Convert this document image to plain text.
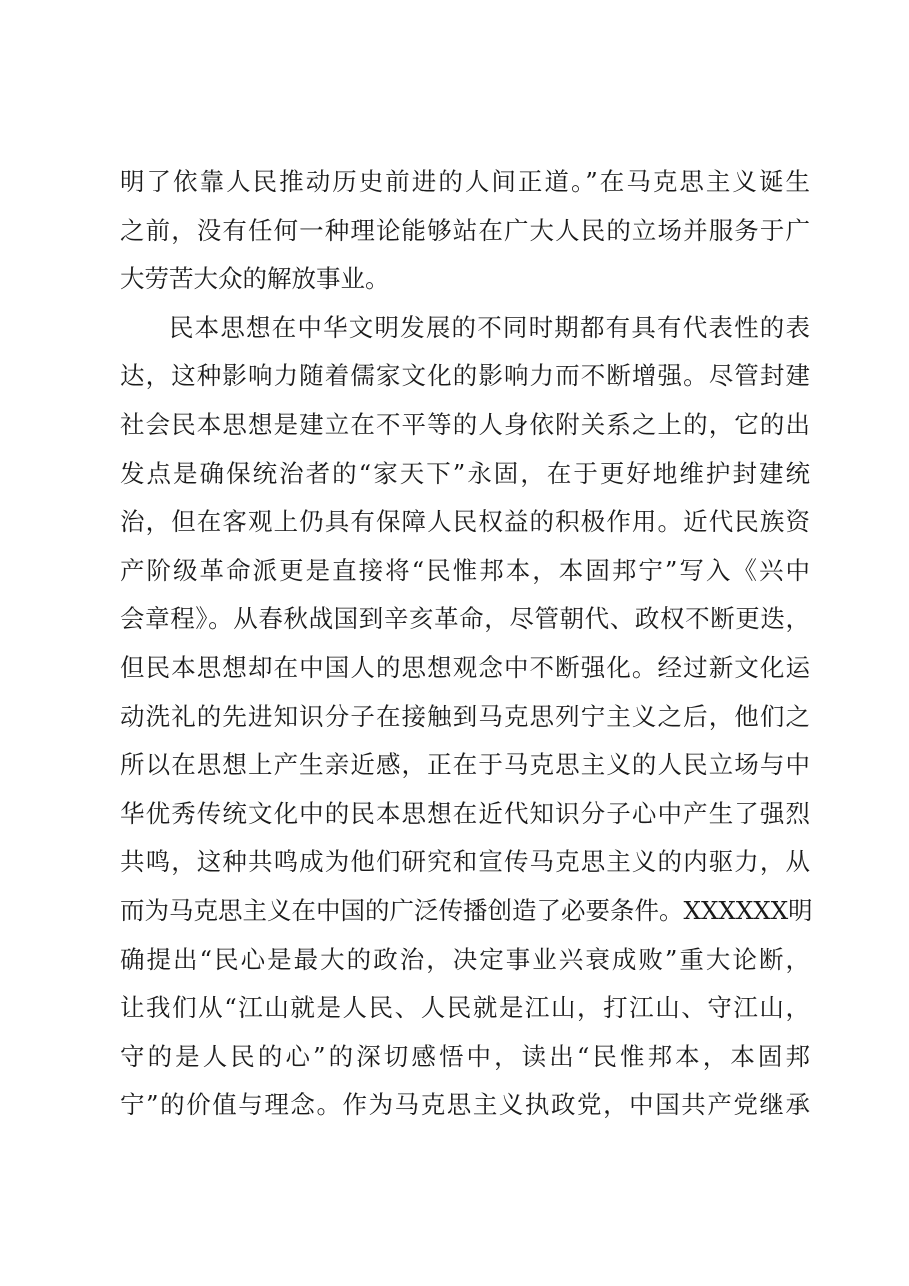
明了依靠人民推动历史前进的人间正道。”在马克思主义诞生
之前，没有任何一种理论能够站在广大人民的立场并服务于广
大劳苦大众的解放事业。
民本思想在中华文明发展的不同时期都有具有代表性的表
达，这种影响力随着儒家文化的影响力而不断增强。尽管封建
社会民本思想是建立在不平等的人身依附关系之上的，它的出
发点是确保统治者的“家天下”永固，在于更好地维护封建统
治，但在客观上仍具有保障人民权益的积极作用。近代民族资
产阶级革命派更是直接将“民惟邦本，本固邦宁”写入《兴中
会章程》。从春秋战国到辛亥革命，尽管朝代、政权不断更迭，
但民本思想却在中国人的思想观念中不断强化。经过新文化运
动洗礼的先进知识分子在接触到马克思列宁主义之后，他们之
所以在思想上产生亲近感，正在于马克思主义的人民立场与中
华优秀传统文化中的民本思想在近代知识分子心中产生了强烈
共鸣，这种共鸣成为他们研究和宣传马克思主义的内驱力，从
而为马克思主义在中国的广泛传播创造了必要条件。XXXXXX明
确提出“民心是最大的政治，决定事业兴衰成败”重大论断，
让我们从“江山就是人民、人民就是江山，打江山、守江山，
守的是人民的心”的深切感悟中，读出“民惟邦本，本固邦
宁”的价值与理念。作为马克思主义执政党，中国共产党继承
